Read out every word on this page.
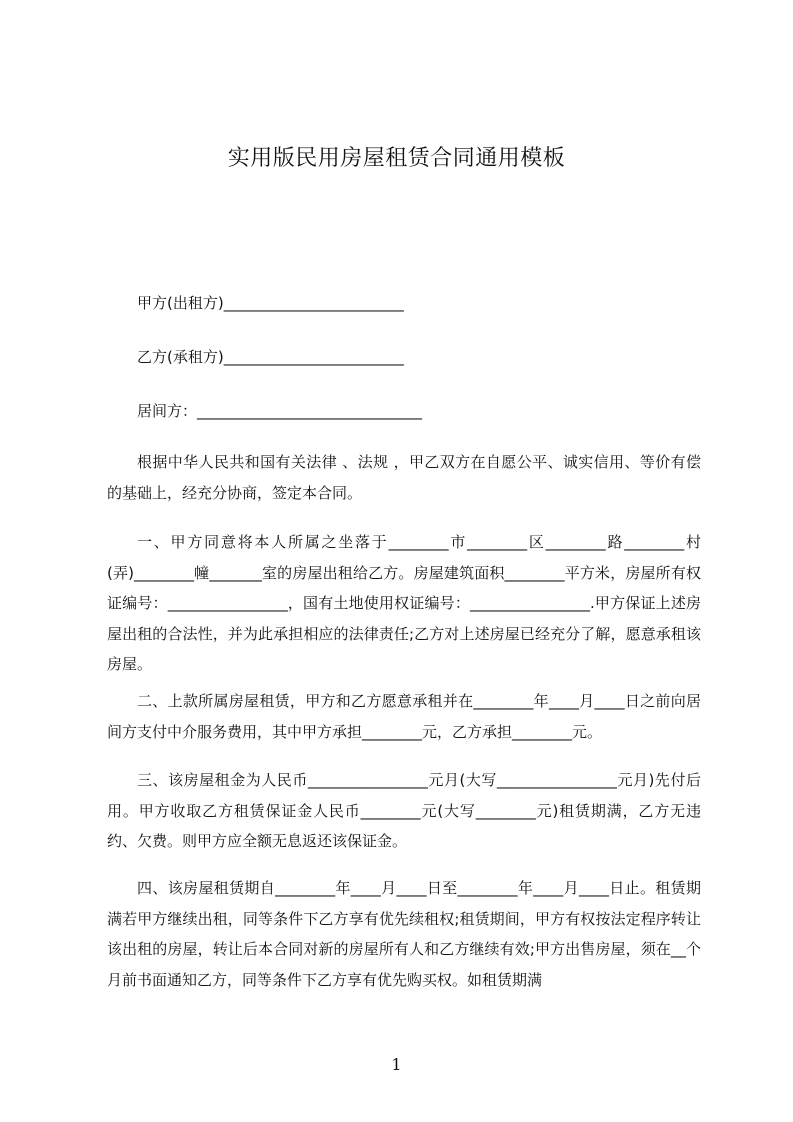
实用版民用房屋租赁合同通用模板
甲方(出租方)________________________
乙方(承租方)________________________
居间方：______________________________
根据中华人民共和国有关法律 、法规 ，甲乙双方在自愿公平、诚实信用、等价有偿的基础上，经充分协商，签定本合同。
一、甲方同意将本人所属之坐落于________市________区________路________村(弄)________幢_______室的房屋出租给乙方。房屋建筑面积________平方米，房屋所有权证编号：________________，国有土地使用权证编号：________________.甲方保证上述房屋出租的合法性，并为此承担相应的法律责任;乙方对上述房屋已经充分了解，愿意承租该房屋。
二、上款所属房屋租赁，甲方和乙方愿意承租并在________年____月____日之前向居间方支付中介服务费用，其中甲方承担________元，乙方承担________元。
三、该房屋租金为人民币________________元月(大写________________元月)先付后用。甲方收取乙方租赁保证金人民币________元(大写________元)租赁期满，乙方无违约、欠费。则甲方应全额无息返还该保证金。
四、该房屋租赁期自________年____月____日至________年____月____日止。租赁期满若甲方继续出租，同等条件下乙方享有优先续租权;租赁期间，甲方有权按法定程序转让该出租的房屋，转让后本合同对新的房屋所有人和乙方继续有效;甲方出售房屋，须在__个月前书面通知乙方，同等条件下乙方享有优先购买权。如租赁期满
1
